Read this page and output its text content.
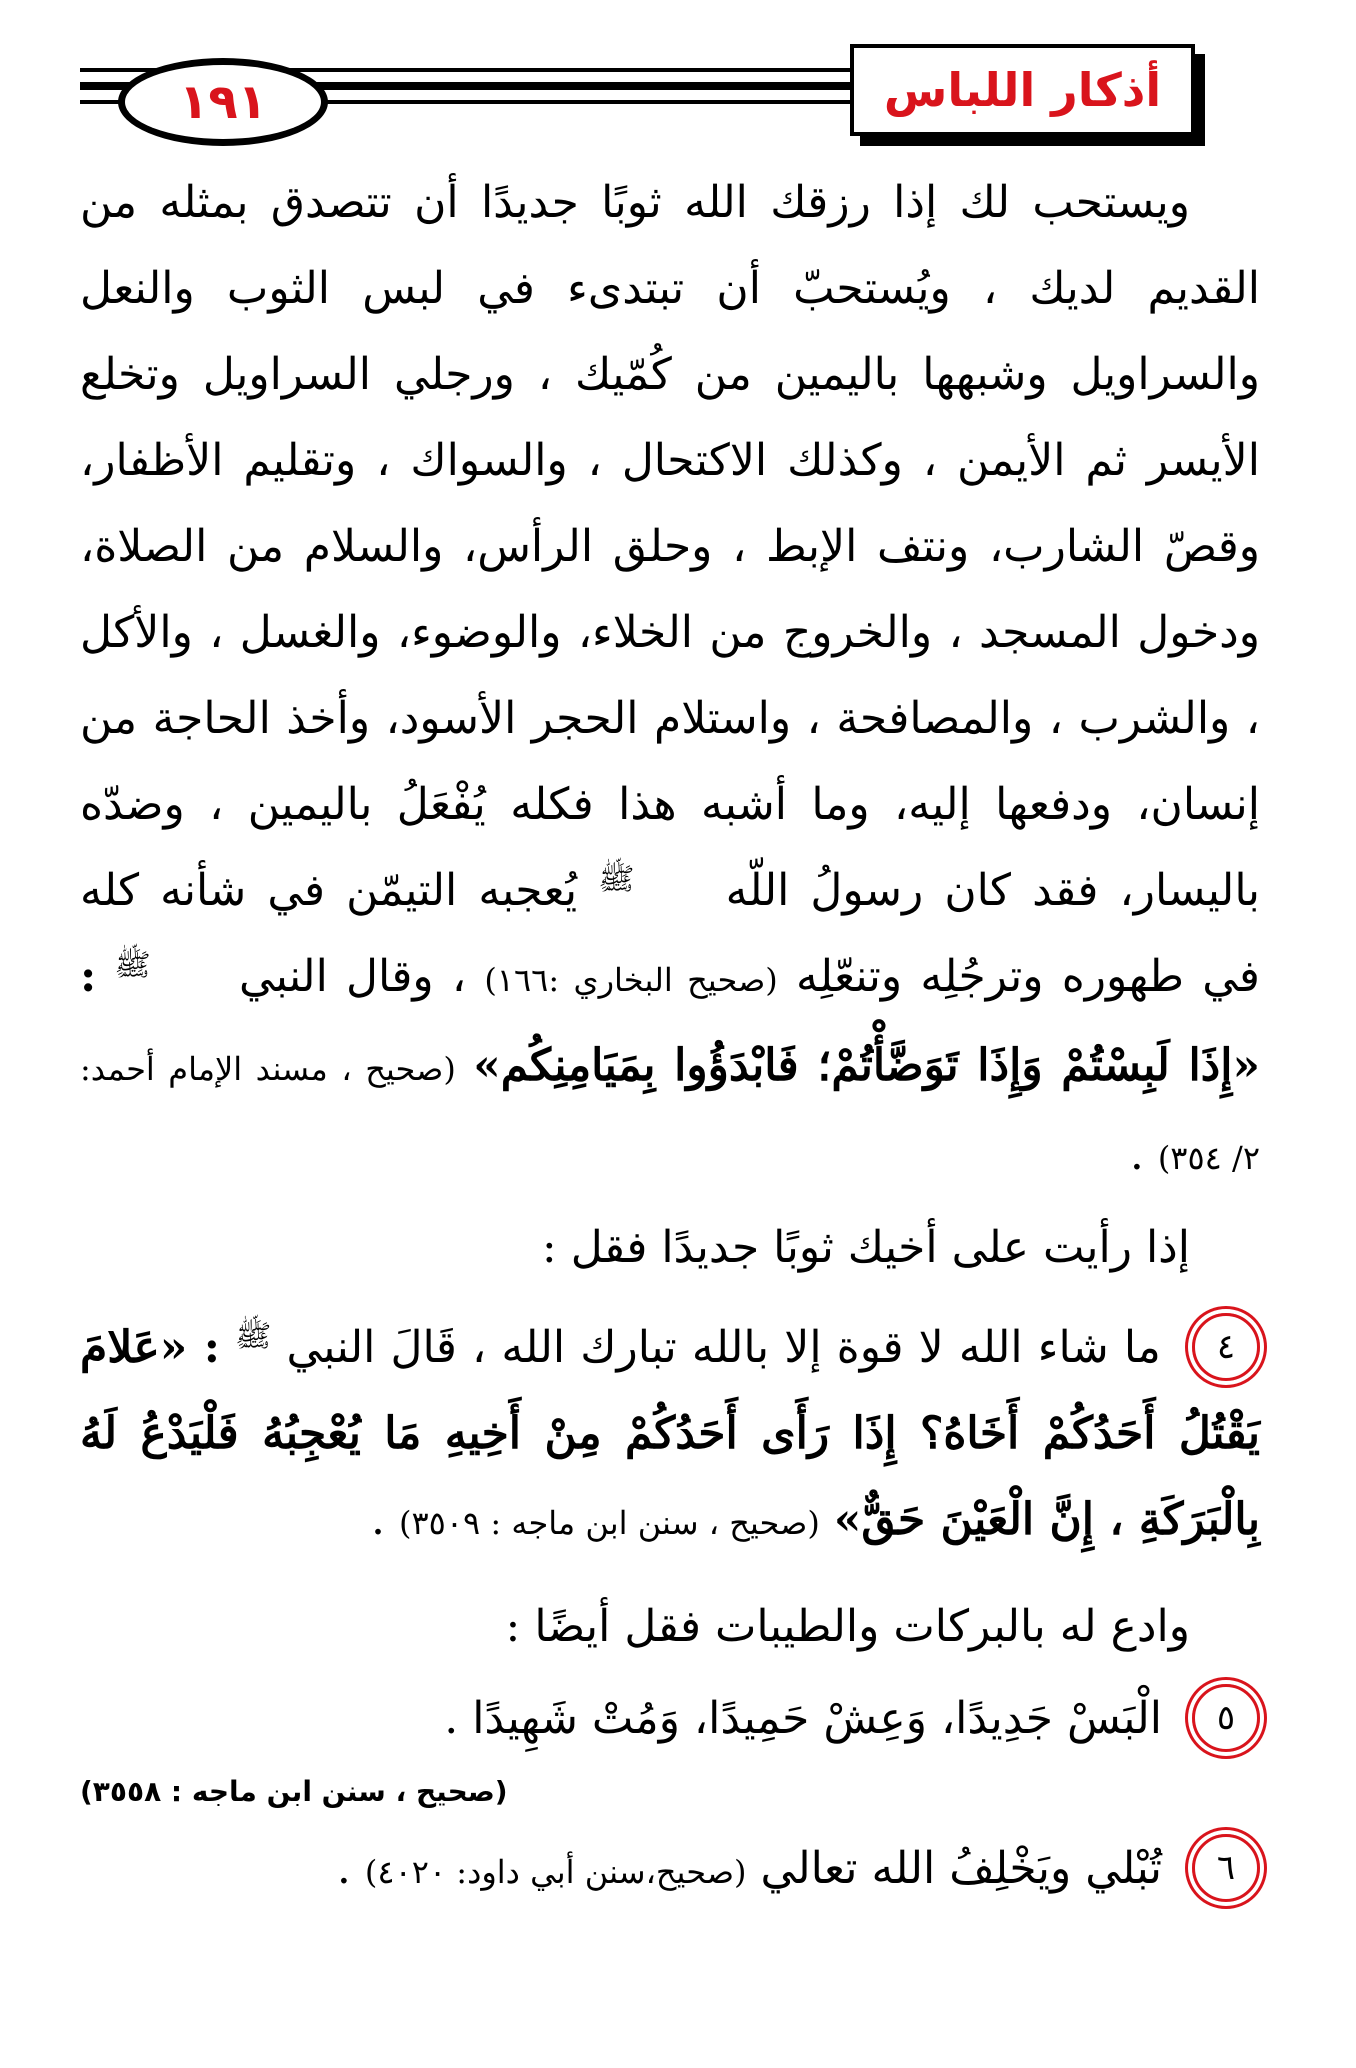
١٩١	أذكار اللباس

ويستحب لك إذا رزقك الله ثوبًا جديدًا أن تتصدق بمثله من القديم لديك ، ويُستحبّ أن تبتدىء في لبس الثوب والنعل والسراويل وشبهها باليمين من كُمّيك ، ورجلي السراويل وتخلع الأيسر ثم الأيمن ، وكذلك الاكتحال ، والسواك ، وتقليم الأظفار، وقصّ الشارب، ونتف الإبط ، وحلق الرأس، والسلام من الصلاة، ودخول المسجد ، والخروج من الخلاء، والوضوء، والغسل ، والأكل ، والشرب ، والمصافحة ، واستلام الحجر الأسود، وأخذ الحاجة من إنسان، ودفعها إليه، وما أشبه هذا فكله يُفْعَلُ باليمين ، وضدّه باليسار، فقد كان رسولُ اللّه ﷺ يُعجبه التيمّن في شأنه كله في طهوره وترجُلِه وتنعّلِه (صحيح البخاري :١٦٦) ، وقال النبي ﷺ : «إِذَا لَبِسْتُمْ وَإِذَا تَوَضَّأْتُمْ؛ فَابْدَؤُوا بِمَيَامِنِكُم» (صحيح ، مسند الإمام أحمد: ٢/ ٣٥٤) .

إذا رأيت على أخيك ثوبًا جديدًا فقل :

٤
ما شاء الله لا قوة إلا بالله تبارك الله ، قَالَ النبي ﷺ : «عَلامَ يَقْتُلُ أَحَدُكُمْ أَخَاهُ؟ إِذَا رَأَى أَحَدُكُمْ مِنْ أَخِيهِ مَا يُعْجِبُهُ فَلْيَدْعُ لَهُ بِالْبَرَكَةِ ، إِنَّ الْعَيْنَ حَقٌّ» (صحيح ، سنن ابن ماجه : ٣٥٠٩) .

وادع له بالبركات والطيبات فقل أيضًا :

٥
الْبَسْ جَدِيدًا، وَعِشْ حَمِيدًا، وَمُتْ شَهِيدًا .

(صحيح ، سنن ابن ماجه : ٣٥٥٨)

٦
تُبْلي ويَخْلِفُ الله تعالي (صحيح،سنن أبي داود: ٤٠٢٠) .
